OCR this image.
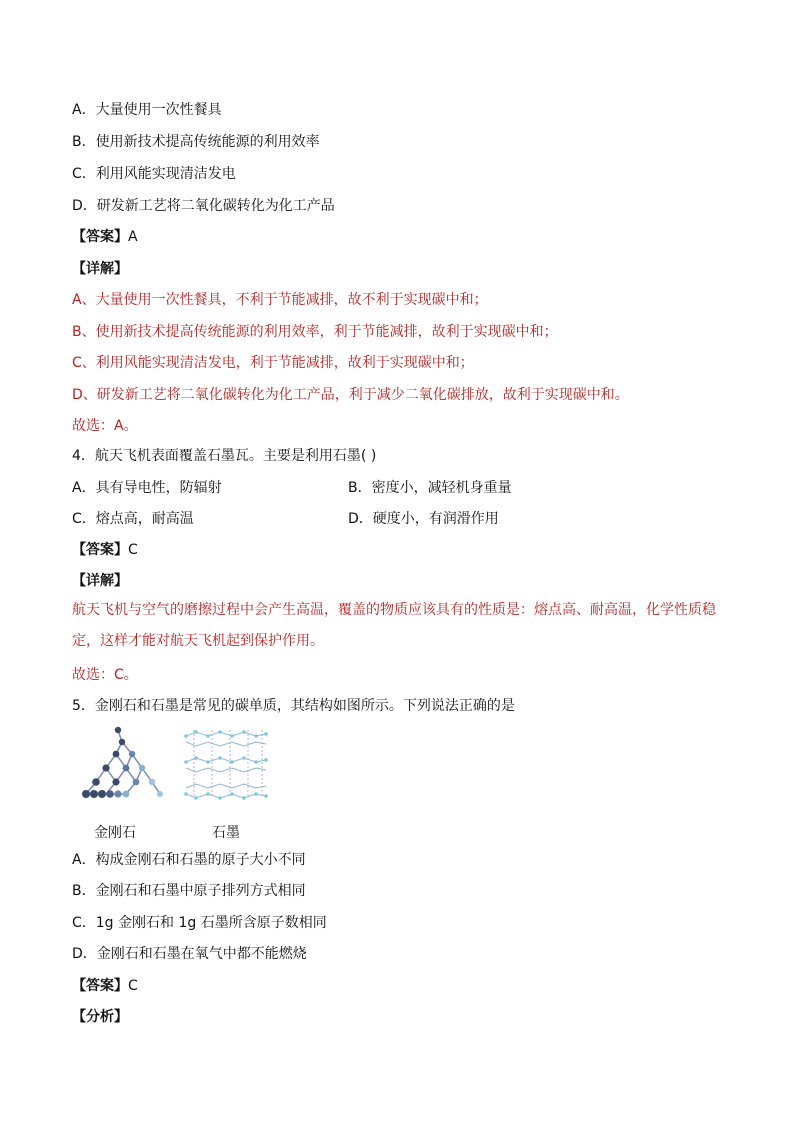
A．大量使用一次性餐具
B．使用新技术提高传统能源的利用效率
C．利用风能实现清洁发电
D．研发新工艺将二氧化碳转化为化工产品
【答案】A
【详解】
A、大量使用一次性餐具，不利于节能减排，故不利于实现碳中和；
B、使用新技术提高传统能源的利用效率，利于节能减排，故利于实现碳中和；
C、利用风能实现清洁发电，利于节能减排，故利于实现碳中和；
D、研发新工艺将二氧化碳转化为化工产品，利于减少二氧化碳排放，故利于实现碳中和。
故选：A。
4．航天飞机表面覆盖石墨瓦。主要是利用石墨( )
A．具有导电性，防辐射	B．密度小，减轻机身重量
C．熔点高，耐高温	D．硬度小，有润滑作用
【答案】C
【详解】
航天飞机与空气的磨擦过程中会产生高温，覆盖的物质应该具有的性质是：熔点高、耐高温，化学性质稳定，这样才能对航天飞机起到保护作用。
故选：C。
5．金刚石和石墨是常见的碳单质，其结构如图所示。下列说法正确的是
金刚石	石墨
A．构成金刚石和石墨的原子大小不同
B．金刚石和石墨中原子排列方式相同
C．1g 金刚石和 1g 石墨所含原子数相同
D．金刚石和石墨在氧气中都不能燃烧
【答案】C
【分析】
